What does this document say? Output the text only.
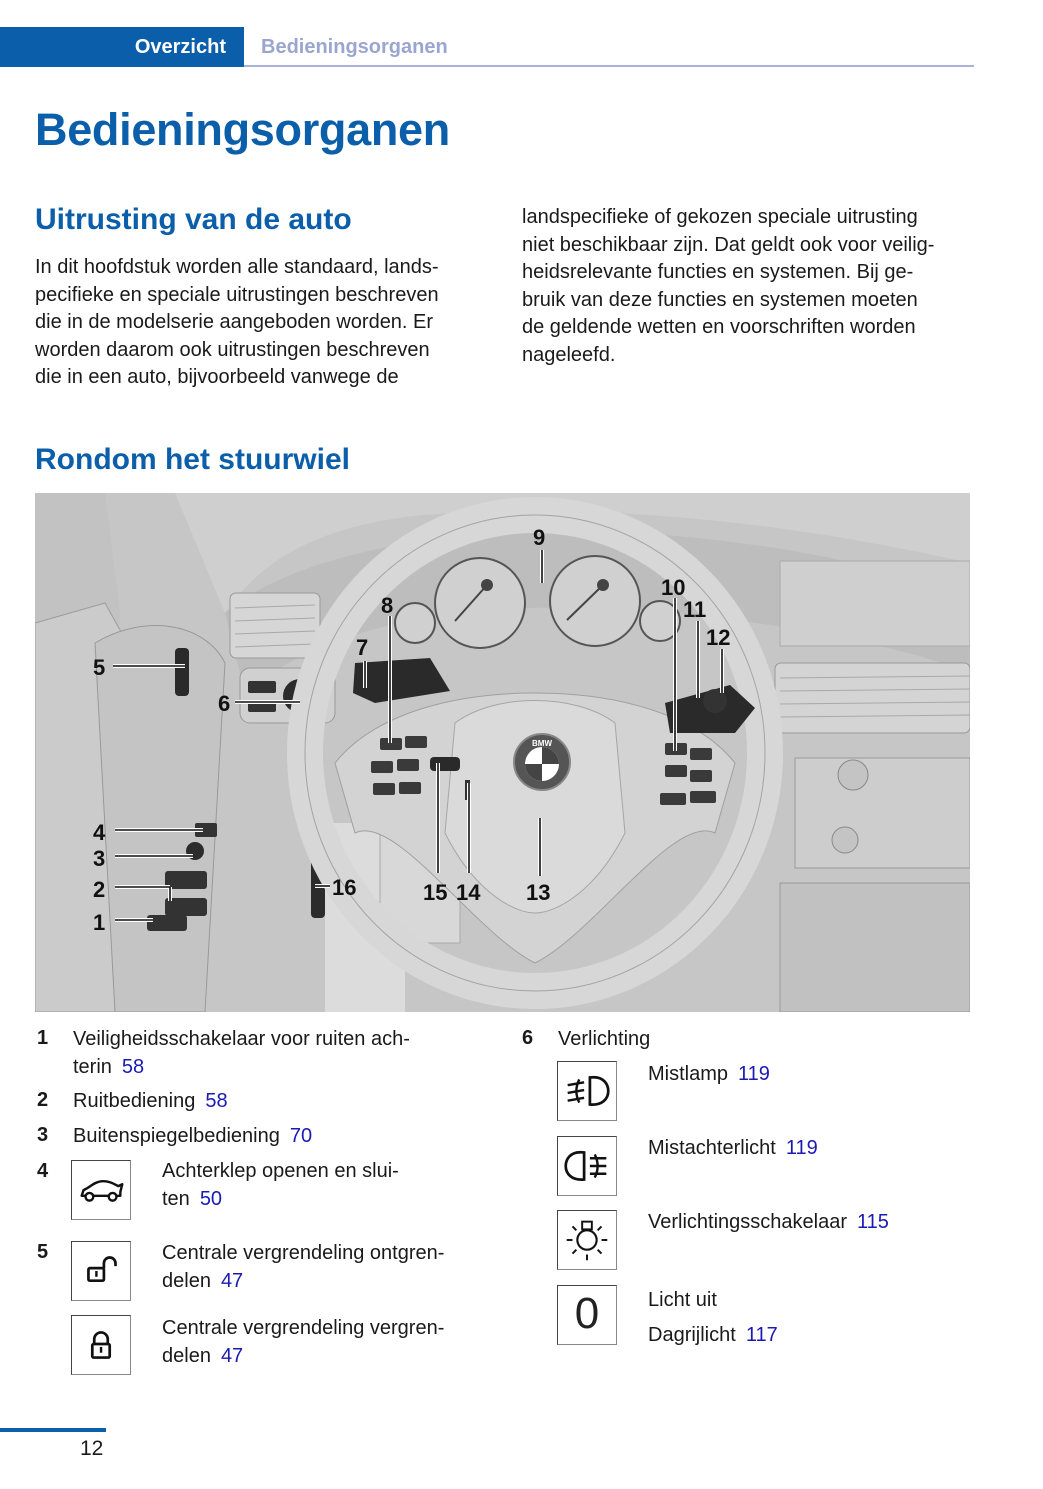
Overzicht	Bedieningsorganen
Bedieningsorganen
Uitrusting van de auto
In dit hoofdstuk worden alle standaard, lands-
pecifieke en speciale uitrustingen beschreven
die in de modelserie aangeboden worden. Er
worden daarom ook uitrustingen beschreven
die in een auto, bijvoorbeeld vanwege de
landspecifieke of gekozen speciale uitrusting
niet beschikbaar zijn. Dat geldt ook voor veilig-
heidsrelevante functies en systemen. Bij ge-
bruik van deze functies en systemen moeten
de geldende wetten en voorschriften worden
nageleefd.
Rondom het stuurwiel
BMW
1
2
3
4
5
6
7
8
9
10
11
12
13
14
15
16
1 Veiligheidsschakelaar voor ruiten ach-
terin 58
2 Ruitbediening 58
3 Buitenspiegelbediening 70
4	Achterklep openen en slui-
ten 50
5	Centrale vergrendeling ontgren-
delen 47
Centrale vergrendeling vergren-
delen 47
6 Verlichting
Mistlamp 119
Mistachterlicht 119
Verlichtingsschakelaar 115
0	Licht uit
Dagrijlicht 117
12
